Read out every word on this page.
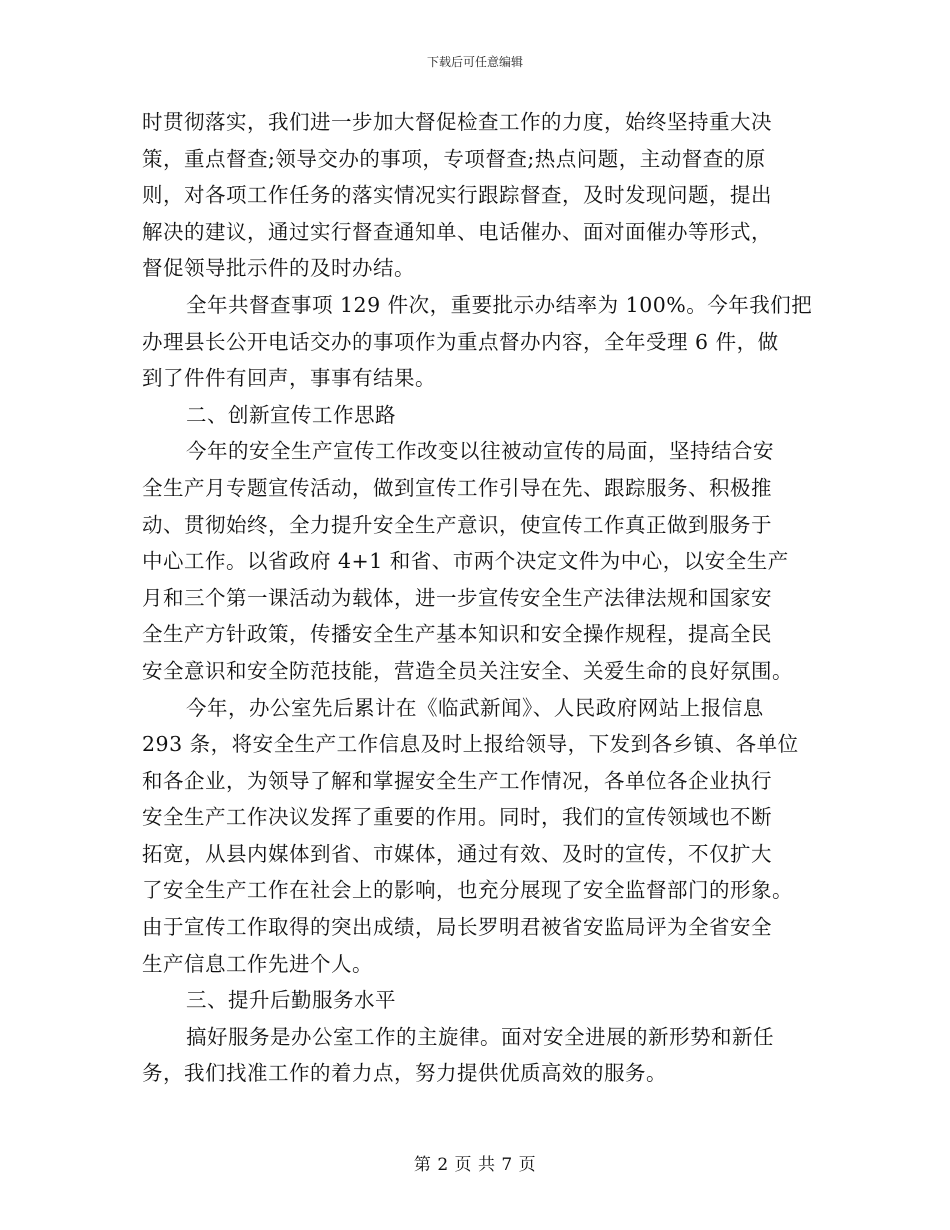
下载后可任意编辑
时贯彻落实，我们进一步加大督促检查工作的力度，始终坚持重大决
策，重点督查;领导交办的事项，专项督查;热点问题，主动督查的原
则，对各项工作任务的落实情况实行跟踪督查，及时发现问题，提出
解决的建议，通过实行督查通知单、电话催办、面对面催办等形式，
督促领导批示件的及时办结。
全年共督查事项 129 件次，重要批示办结率为 100%。今年我们把
办理县长公开电话交办的事项作为重点督办内容，全年受理 6 件，做
到了件件有回声，事事有结果。
二、创新宣传工作思路
今年的安全生产宣传工作改变以往被动宣传的局面，坚持结合安
全生产月专题宣传活动，做到宣传工作引导在先、跟踪服务、积极推
动、贯彻始终，全力提升安全生产意识，使宣传工作真正做到服务于
中心工作。以省政府 4+1 和省、市两个决定文件为中心，以安全生产
月和三个第一课活动为载体，进一步宣传安全生产法律法规和国家安
全生产方针政策，传播安全生产基本知识和安全操作规程，提高全民
安全意识和安全防范技能，营造全员关注安全、关爱生命的良好氛围。
今年，办公室先后累计在《临武新闻》、人民政府网站上报信息
293 条，将安全生产工作信息及时上报给领导，下发到各乡镇、各单位
和各企业，为领导了解和掌握安全生产工作情况，各单位各企业执行
安全生产工作决议发挥了重要的作用。同时，我们的宣传领域也不断
拓宽，从县内媒体到省、市媒体，通过有效、及时的宣传，不仅扩大
了安全生产工作在社会上的影响，也充分展现了安全监督部门的形象。
由于宣传工作取得的突出成绩，局长罗明君被省安监局评为全省安全
生产信息工作先进个人。
三、提升后勤服务水平
搞好服务是办公室工作的主旋律。面对安全进展的新形势和新任
务，我们找准工作的着力点，努力提供优质高效的服务。
第 2 页 共 7 页
